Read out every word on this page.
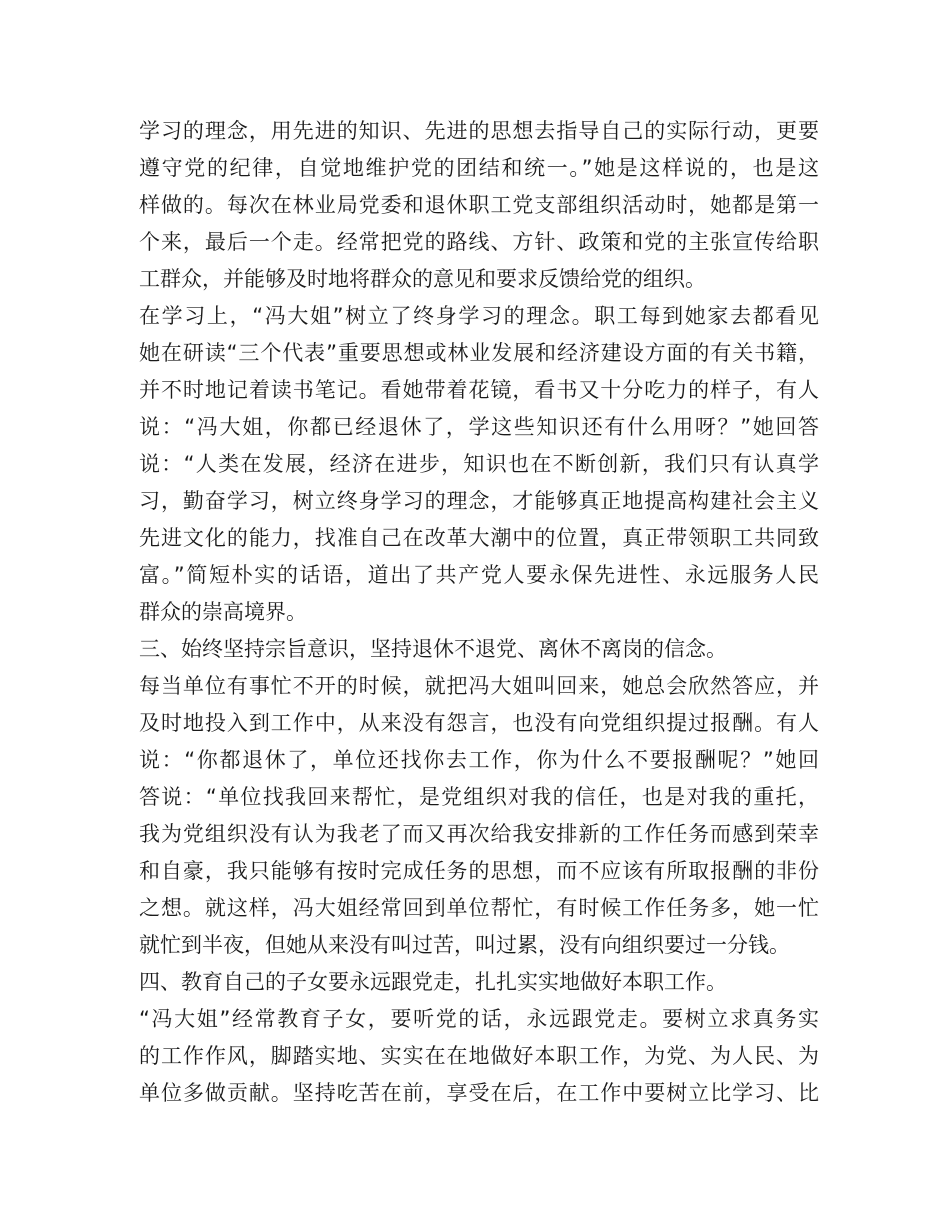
学习的理念，用先进的知识、先进的思想去指导自己的实际行动，更要
遵守党的纪律，自觉地维护党的团结和统一。”她是这样说的，也是这
样做的。每次在林业局党委和退休职工党支部组织活动时，她都是第一
个来，最后一个走。经常把党的路线、方针、政策和党的主张宣传给职
工群众，并能够及时地将群众的意见和要求反馈给党的组织。
在学习上，“冯大姐”树立了终身学习的理念。职工每到她家去都看见
她在研读“三个代表”重要思想或林业发展和经济建设方面的有关书籍，
并不时地记着读书笔记。看她带着花镜，看书又十分吃力的样子，有人
说：“冯大姐，你都已经退休了，学这些知识还有什么用呀？”她回答
说：“人类在发展，经济在进步，知识也在不断创新，我们只有认真学
习，勤奋学习，树立终身学习的理念，才能够真正地提高构建社会主义
先进文化的能力，找准自己在改革大潮中的位置，真正带领职工共同致
富。”简短朴实的话语，道出了共产党人要永保先进性、永远服务人民
群众的崇高境界。
三、始终坚持宗旨意识，坚持退休不退党、离休不离岗的信念。
每当单位有事忙不开的时候，就把冯大姐叫回来，她总会欣然答应，并
及时地投入到工作中，从来没有怨言，也没有向党组织提过报酬。有人
说：“你都退休了，单位还找你去工作，你为什么不要报酬呢？”她回
答说：“单位找我回来帮忙，是党组织对我的信任，也是对我的重托，
我为党组织没有认为我老了而又再次给我安排新的工作任务而感到荣幸
和自豪，我只能够有按时完成任务的思想，而不应该有所取报酬的非份
之想。就这样，冯大姐经常回到单位帮忙，有时候工作任务多，她一忙
就忙到半夜，但她从来没有叫过苦，叫过累，没有向组织要过一分钱。
四、教育自己的子女要永远跟党走，扎扎实实地做好本职工作。
“冯大姐”经常教育子女，要听党的话，永远跟党走。要树立求真务实
的工作作风，脚踏实地、实实在在地做好本职工作，为党、为人民、为
单位多做贡献。坚持吃苦在前，享受在后，在工作中要树立比学习、比
